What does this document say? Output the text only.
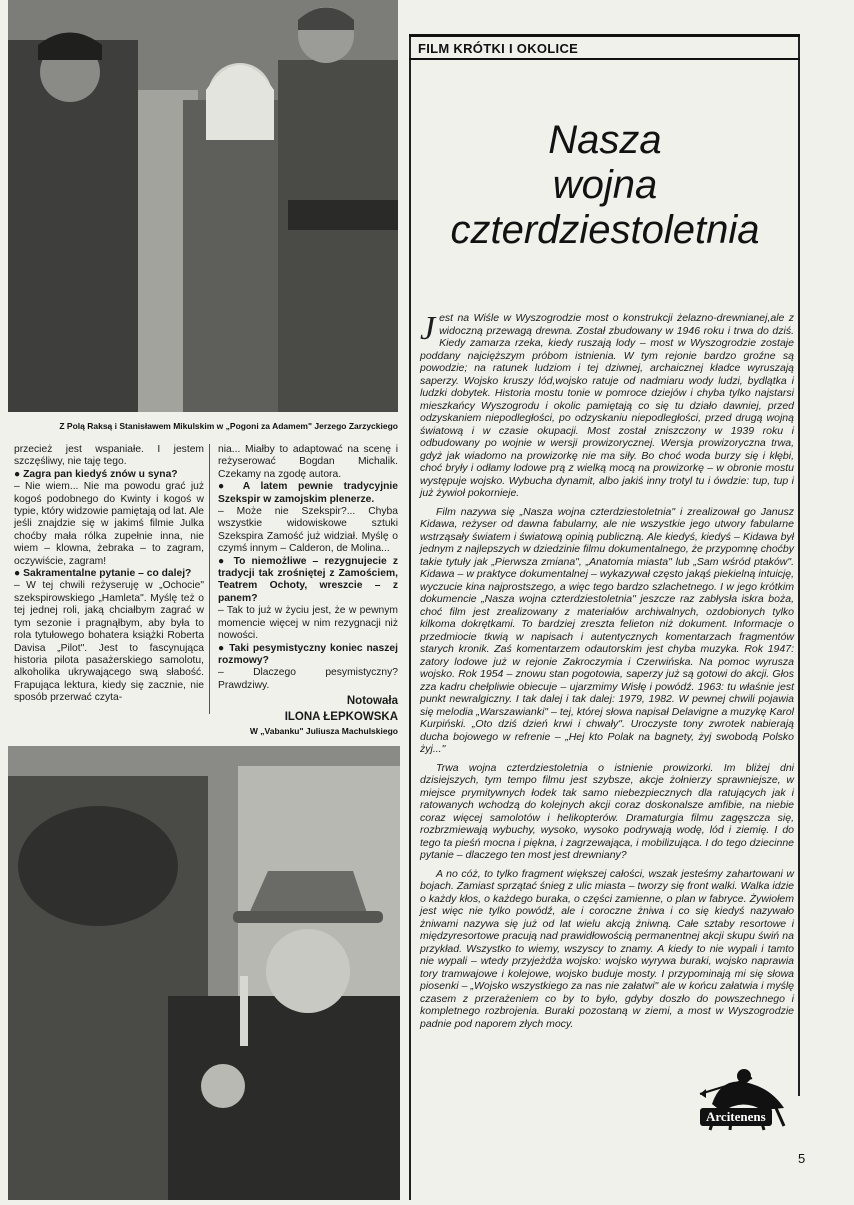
Z Polą Raksą i Stanisławem Mikulskim w „Pogoni za Adamem" Jerzego Zarzyckiego

przecież jest wspaniałe. I jestem szczęśliwy, nie taję tego.

● Zagra pan kiedyś znów u syna?

– Nie wiem... Nie ma powodu grać już kogoś podobnego do Kwinty i kogoś w typie, który widzowie pamiętają od lat. Ale jeśli znajdzie się w jakimś filmie Julka choćby mała rólka zupełnie inna, nie wiem – klowna, żebraka – to zagram, oczywiście, zagram!

● Sakramentalne pytanie – co dalej?

– W tej chwili reżyseruję w „Ochocie" szekspirowskiego „Hamleta". Myślę też o tej jednej roli, jaką chciałbym zagrać w tym sezonie i pragnąłbym, aby była to rola tytułowego bohatera książki Roberta Davisa „Pilot". Jest to fascynująca historia pilota pasażerskiego samolotu, alkoholika ukrywającego swą słabość. Frapująca lektura, kiedy się zacznie, nie sposób przerwać czyta-

nia... Miałby to adaptować na scenę i reżyserować Bogdan Michalik. Czekamy na zgodę autora.

● A latem pewnie tradycyjnie Szekspir w zamojskim plenerze.

– Może nie Szekspir?... Chyba wszystkie widowiskowe sztuki Szekspira Zamość już widział. Myślę o czymś innym – Calderon, de Molina...

● To niemożliwe – rezygnujecie z tradycji tak zrośniętej z Zamościem, Teatrem Ochoty, wreszcie – z panem?

– Tak to już w życiu jest, że w pewnym momencie więcej w nim rezygnacji niż nowości.

● Taki pesymistyczny koniec naszej rozmowy?

– Dlaczego pesymistyczny? Prawdziwy.

Notowała
ILONA ŁEPKOWSKA
W „Vabanku" Juliusza Machulskiego
FILM KRÓTKI I OKOLICE
Nasza
wojna
czterdziestoletnia

Jest na Wiśle w Wyszogrodzie most o konstrukcji żelazno-drewnianej,ale z widoczną przewagą drewna. Został zbudowany w 1946 roku i trwa do dziś. Kiedy zamarza rzeka, kiedy ruszają lody – most w Wyszogrodzie zostaje poddany najcięższym próbom istnienia. W tym rejonie bardzo groźne są powodzie; na ratunek ludziom i tej dziwnej, archaicznej kładce wyruszają saperzy. Wojsko kruszy lód,wojsko ratuje od nadmiaru wody ludzi, bydlątka i ludzki dobytek. Historia mostu tonie w pomroce dziejów i chyba tylko najstarsi mieszkańcy Wyszogrodu i okolic pamiętają co się tu działo dawniej, przed odzyskaniem niepodległości, po odzyskaniu niepodległości, przed drugą wojną światową i w czasie okupacji. Most został zniszczony w 1939 roku i odbudowany po wojnie w wersji prowizorycznej. Wersja prowizoryczna trwa, gdyż jak wiadomo na prowizorkę nie ma siły. Bo choć woda burzy się i kłębi, choć bryły i odłamy lodowe prą z wielką mocą na prowizorkę – w obronie mostu występuje wojsko. Wybucha dynamit, albo jakiś inny trotyl tu i ówdzie: tup, tup i już żywioł pokornieje.

Film nazywa się „Nasza wojna czterdziestoletnia" i zrealizował go Janusz Kidawa, reżyser od dawna fabularny, ale nie wszystkie jego utwory fabularne wstrząsały światem i światową opinią publiczną. Ale kiedyś, kiedyś – Kidawa był jednym z najlepszych w dziedzinie filmu dokumentalnego, że przypomnę choćby takie tytuły jak „Pierwsza zmiana", „Anatomia miasta" lub „Sam wśród ptaków". Kidawa – w praktyce dokumentalnej – wykazywał często jakąś piekielną intuicję, wyczucie kina najprostszego, a więc tego bardzo szlachetnego. I w jego krótkim dokumencie „Nasza wojna czterdziestoletnia" jeszcze raz zabłysła iskra boża, choć film jest zrealizowany z materiałów archiwalnych, ozdobionych tylko kilkoma dokrętkami. To bardziej zreszta felieton niż dokument. Informacje o przedmiocie tkwią w napisach i autentycznych komentarzach fragmentów starych kronik. Zaś komentarzem odautorskim jest chyba muzyka. Rok 1947: zatory lodowe już w rejonie Zakroczymia i Czerwińska. Na pomoc wyrusza wojsko. Rok 1954 – znowu stan pogotowia, saperzy już są gotowi do akcji. Głos zza kadru chełpliwie obiecuje – ujarzmimy Wisłę i powódź. 1963: tu właśnie jest punkt newralgiczny. I tak dalej i tak dalej: 1979, 1982. W pewnej chwili pojawia się melodia „Warszawianki" – tej, której słowa napisał Delavigne a muzykę Karol Kurpiński. „Oto dziś dzień krwi i chwały". Uroczyste tony zwrotek nabierają ducha bojowego w refrenie – „Hej kto Polak na bagnety, żyj swobodą Polsko żyj..."

Trwa wojna czterdziestoletnia o istnienie prowizorki. Im bliżej dni dzisiejszych, tym tempo filmu jest szybsze, akcje żołnierzy sprawniejsze, w miejsce prymitywnych łodek tak samo niebezpiecznych dla ratujących jak i ratowanych wchodzą do kolejnych akcji coraz doskonalsze amfibie, na niebie coraz więcej samolotów i helikopterów. Dramaturgia filmu zagęszcza się, rozbrzmiewają wybuchy, wysoko, wysoko podrywają wodę, lód i ziemię. I do tego ta pieśń mocna i piękna, i zagrzewająca, i mobilizująca. I do tego dziecinne pytanie – dlaczego ten most jest drewniany?

A no cóż, to tylko fragment większej całości, wszak jesteśmy zahartowani w bojach. Zamiast sprzątać śnieg z ulic miasta – tworzy się front walki. Walka idzie o każdy kłos, o każdego buraka, o części zamienne, o plan w fabryce. Żywiołem jest więc nie tylko powódź, ale i coroczne żniwa i co się kiedyś nazywało żniwami nazywa się już od lat wielu akcją żniwną. Całe sztaby resortowe i międzyresortowe pracują nad prawidłowością permanentnej akcji skupu świń na przykład. Wszystko to wiemy, wszyscy to znamy. A kiedy to nie wypali i tamto nie wypali – wtedy przyjeżdża wojsko: wojsko wyrywa buraki, wojsko naprawia tory tramwajowe i kolejowe, wojsko buduje mosty. I przypominają mi się słowa piosenki – „Wojsko wszystkiego za nas nie załatwi" ale w końcu załatwia i myślę czasem z przerażeniem co by to było, gdyby doszło do powszechnego i kompletnego rozbrojenia. Buraki pozostaną w ziemi, a most w Wyszogrodzie padnie pod naporem złych mocy.

Arcitenens
5
